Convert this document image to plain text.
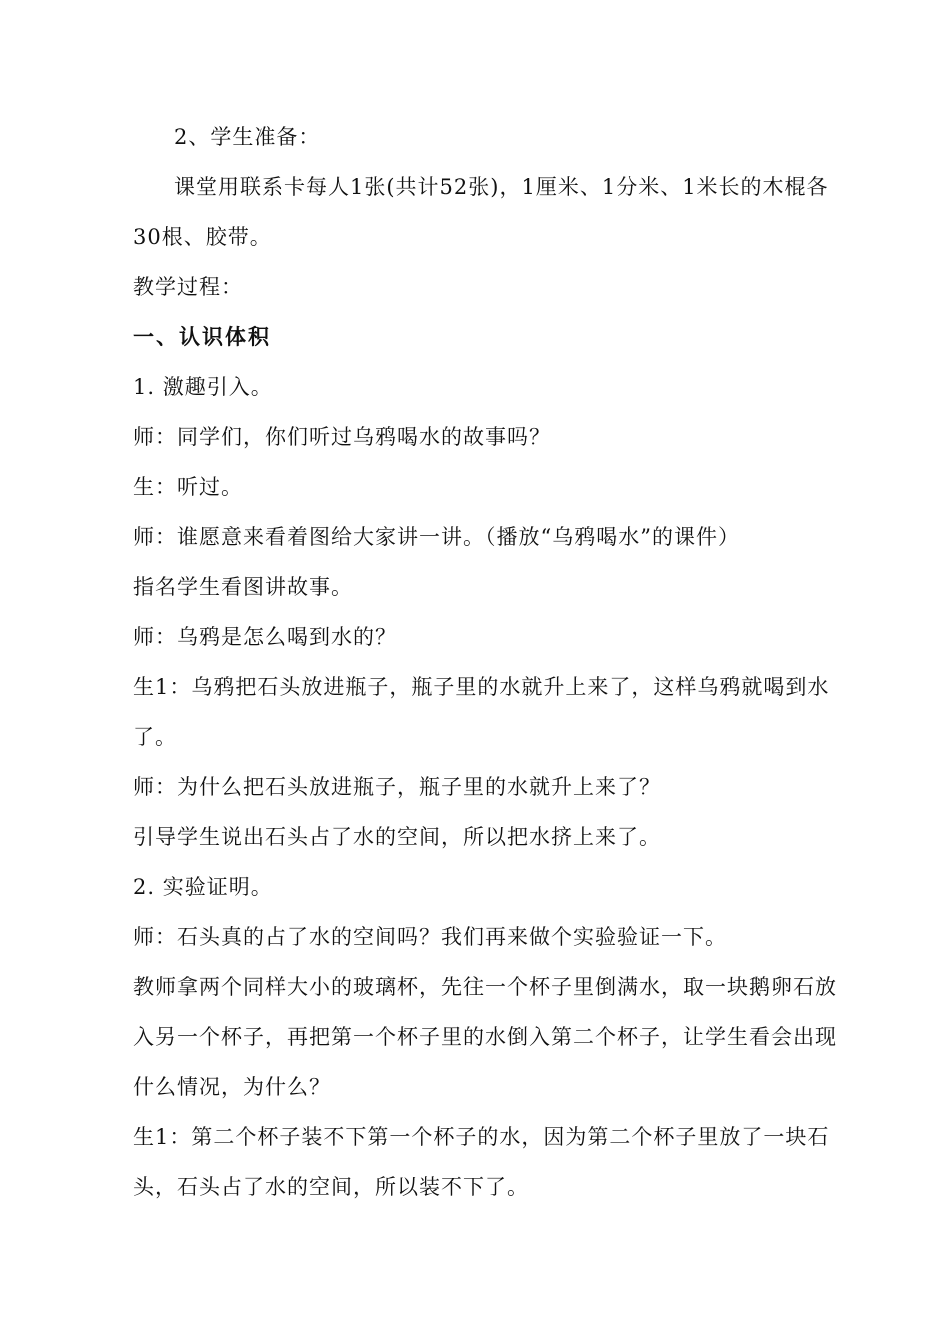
2、学生准备：
课堂用联系卡每人1张(共计52张)，1厘米、1分米、1米长的木棍各
30根、胶带。
教学过程：
一、认识体积
1. 激趣引入。
师：同学们，你们听过乌鸦喝水的故事吗？
生：听过。
师：谁愿意来看着图给大家讲一讲。（播放“乌鸦喝水”的课件）
指名学生看图讲故事。
师：乌鸦是怎么喝到水的？
生1：乌鸦把石头放进瓶子，瓶子里的水就升上来了，这样乌鸦就喝到水
了。
师：为什么把石头放进瓶子，瓶子里的水就升上来了？
引导学生说出石头占了水的空间，所以把水挤上来了。
2. 实验证明。
师：石头真的占了水的空间吗？我们再来做个实验验证一下。
教师拿两个同样大小的玻璃杯，先往一个杯子里倒满水，取一块鹅卵石放
入另一个杯子，再把第一个杯子里的水倒入第二个杯子，让学生看会出现
什么情况，为什么？
生1：第二个杯子装不下第一个杯子的水，因为第二个杯子里放了一块石
头，石头占了水的空间，所以装不下了。
